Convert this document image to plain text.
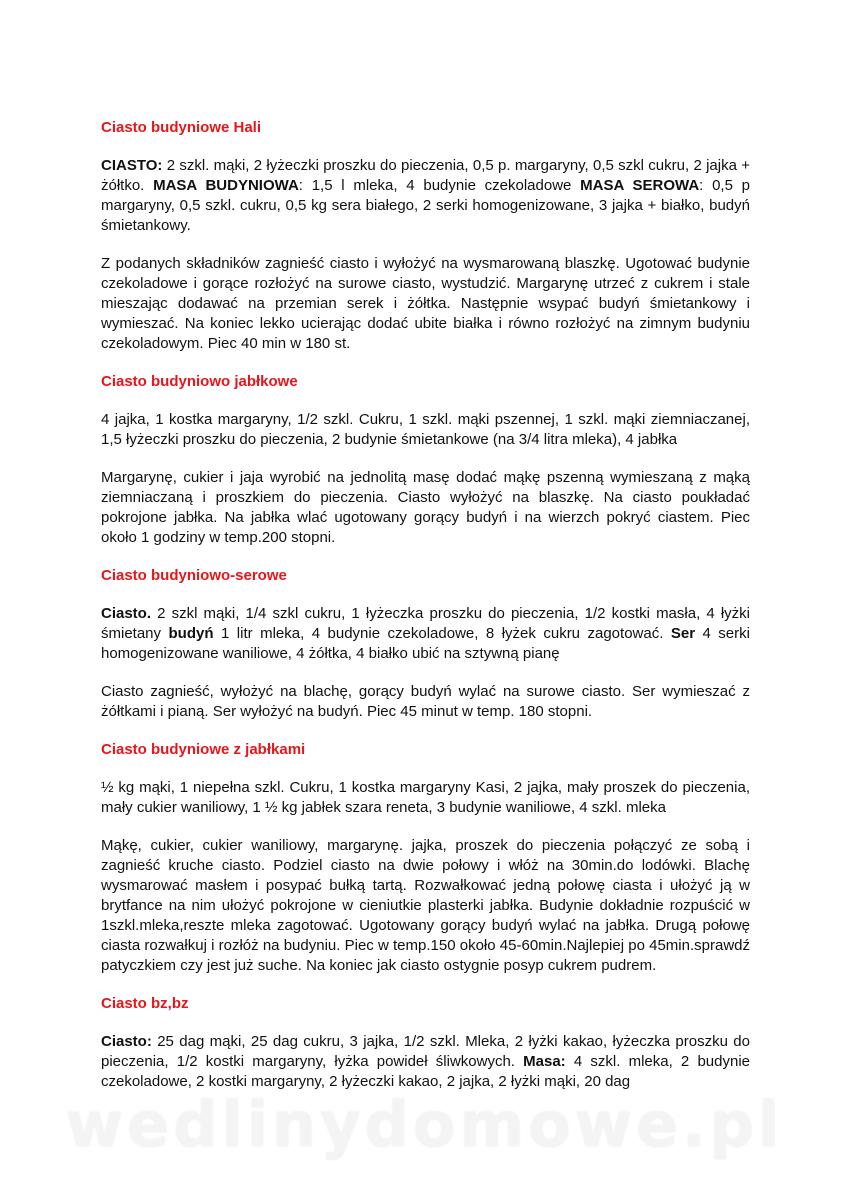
Ciasto budyniowe Hali
CIASTO: 2 szkl. mąki, 2 łyżeczki proszku do pieczenia, 0,5 p. margaryny, 0,5 szkl cukru, 2 jajka + żółtko. MASA BUDYNIOWA: 1,5 l mleka, 4 budynie czekoladowe MASA SEROWA: 0,5 p margaryny, 0,5 szkl. cukru, 0,5 kg sera białego, 2 serki homogenizowane, 3 jajka + białko, budyń śmietankowy.
Z podanych składników zagnieść ciasto i wyłożyć na wysmarowaną blaszkę. Ugotować budynie czekoladowe i gorące rozłożyć na surowe ciasto, wystudzić. Margarynę utrzeć z cukrem i stale mieszając dodawać na przemian serek i żółtka. Następnie wsypać budyń śmietankowy i wymieszać. Na koniec lekko ucierając dodać ubite białka i równo rozłożyć na zimnym budyniu czekoladowym. Piec 40 min w 180 st.
Ciasto budyniowo jabłkowe
4 jajka, 1 kostka margaryny, 1/2 szkl. Cukru, 1 szkl. mąki pszennej, 1 szkl. mąki ziemniaczanej, 1,5 łyżeczki proszku do pieczenia, 2 budynie śmietankowe (na 3/4 litra mleka), 4 jabłka
Margarynę, cukier i jaja wyrobić na jednolitą masę dodać mąkę pszenną wymieszaną z mąką ziemniaczaną i proszkiem do pieczenia. Ciasto wyłożyć na blaszkę. Na ciasto poukładać pokrojone jabłka. Na jabłka wlać ugotowany gorący budyń i na wierzch pokryć ciastem. Piec około 1 godziny w temp.200 stopni.
Ciasto budyniowo-serowe
Ciasto. 2 szkl mąki, 1/4 szkl cukru, 1 łyżeczka proszku do pieczenia, 1/2 kostki masła, 4 łyżki śmietany budyń 1 litr mleka, 4 budynie czekoladowe, 8 łyżek cukru zagotować. Ser 4 serki homogenizowane waniliowe, 4 żółtka, 4 białko ubić na sztywną pianę
Ciasto zagnieść, wyłożyć na blachę, gorący budyń wylać na surowe ciasto. Ser wymieszać z żółtkami i pianą. Ser wyłożyć na budyń. Piec 45 minut w temp. 180 stopni.
Ciasto budyniowe z jabłkami
½ kg mąki, 1 niepełna szkl. Cukru, 1 kostka margaryny Kasi, 2 jajka, mały proszek do pieczenia, mały cukier waniliowy, 1 ½ kg jabłek szara reneta, 3 budynie waniliowe, 4 szkl. mleka
Mąkę, cukier, cukier waniliowy, margarynę. jajka, proszek do pieczenia połączyć ze sobą i zagnieść kruche ciasto. Podziel ciasto na dwie połowy i włóż na 30min.do lodówki. Blachę wysmarować masłem i posypać bułką tartą. Rozwałkować jedną połowę ciasta i ułożyć ją w brytfance na nim ułożyć pokrojone w cieniutkie plasterki jabłka. Budynie dokładnie rozpuścić w 1szkl.mleka,reszte mleka zagotować. Ugotowany gorący budyń wylać na jabłka. Drugą połowę ciasta rozwałkuj i rozłóż na budyniu. Piec w temp.150 około 45-60min.Najlepiej po 45min.sprawdź patyczkiem czy jest już suche. Na koniec jak ciasto ostygnie posyp cukrem pudrem.
Ciasto bz,bz
Ciasto: 25 dag mąki, 25 dag cukru, 3 jajka, 1/2 szkl. Mleka, 2 łyżki kakao, łyżeczka proszku do pieczenia, 1/2 kostki margaryny, łyżka powideł śliwkowych. Masa: 4 szkl. mleka, 2 budynie czekoladowe, 2 kostki margaryny, 2 łyżeczki kakao, 2 jajka, 2 łyżki mąki, 20 dag
wedlinydomowe.pl
